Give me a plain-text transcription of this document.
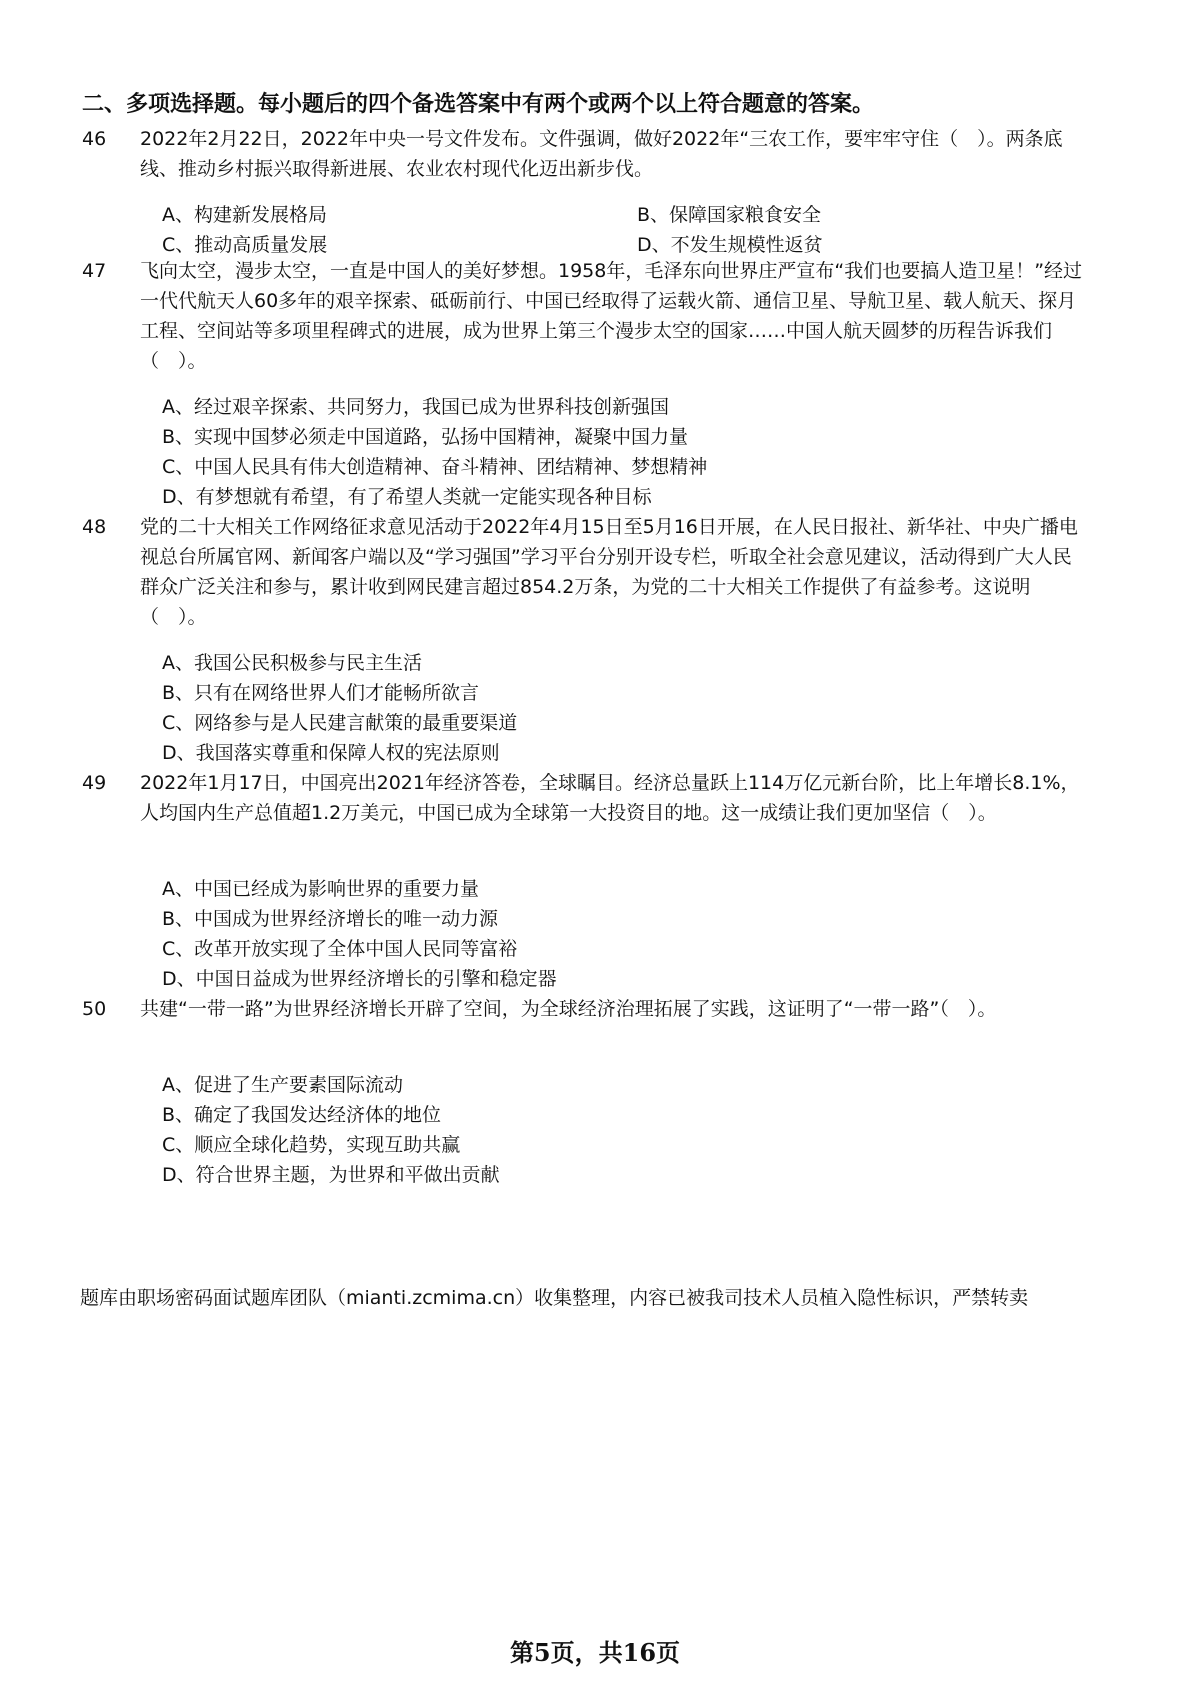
二、多项选择题。每小题后的四个备选答案中有两个或两个以上符合题意的答案。
46	2022年2月22日，2022年中央一号文件发布。文件强调，做好2022年“三农工作，要牢牢守住（　）。两条底线、推动乡村振兴取得新进展、农业农村现代化迈出新步伐。
A、构建新发展格局	B、保障国家粮食安全
C、推动高质量发展	D、不发生规模性返贫
47	飞向太空，漫步太空，一直是中国人的美好梦想。1958年，毛泽东向世界庄严宣布“我们也要搞人造卫星！”经过一代代航天人60多年的艰辛探索、砥砺前行、中国已经取得了运载火箭、通信卫星、导航卫星、载人航天、探月工程、空间站等多项里程碑式的进展，成为世界上第三个漫步太空的国家……中国人航天圆梦的历程告诉我们（　）。
A、经过艰辛探索、共同努力，我国已成为世界科技创新强国
B、实现中国梦必须走中国道路，弘扬中国精神，凝聚中国力量
C、中国人民具有伟大创造精神、奋斗精神、团结精神、梦想精神
D、有梦想就有希望，有了希望人类就一定能实现各种目标
48	党的二十大相关工作网络征求意见活动于2022年4月15日至5月16日开展，在人民日报社、新华社、中央广播电视总台所属官网、新闻客户端以及“学习强国”学习平台分别开设专栏，听取全社会意见建议，活动得到广大人民群众广泛关注和参与，累计收到网民建言超过854.2万条，为党的二十大相关工作提供了有益参考。这说明（　）。
A、我国公民积极参与民主生活
B、只有在网络世界人们才能畅所欲言
C、网络参与是人民建言献策的最重要渠道
D、我国落实尊重和保障人权的宪法原则
49	2022年1月17日，中国亮出2021年经济答卷，全球瞩目。经济总量跃上114万亿元新台阶，比上年增长8.1%，人均国内生产总值超1.2万美元，中国已成为全球第一大投资目的地。这一成绩让我们更加坚信（　）。
A、中国已经成为影响世界的重要力量
B、中国成为世界经济增长的唯一动力源
C、改革开放实现了全体中国人民同等富裕
D、中国日益成为世界经济增长的引擎和稳定器
50	共建“一带一路”为世界经济增长开辟了空间，为全球经济治理拓展了实践，这证明了“一带一路”（　）。
A、促进了生产要素国际流动
B、确定了我国发达经济体的地位
C、顺应全球化趋势，实现互助共赢
D、符合世界主题，为世界和平做出贡献
题库由职场密码面试题库团队（mianti.zcmima.cn）收集整理，内容已被我司技术人员植入隐性标识，严禁转卖
第5页，共16页
